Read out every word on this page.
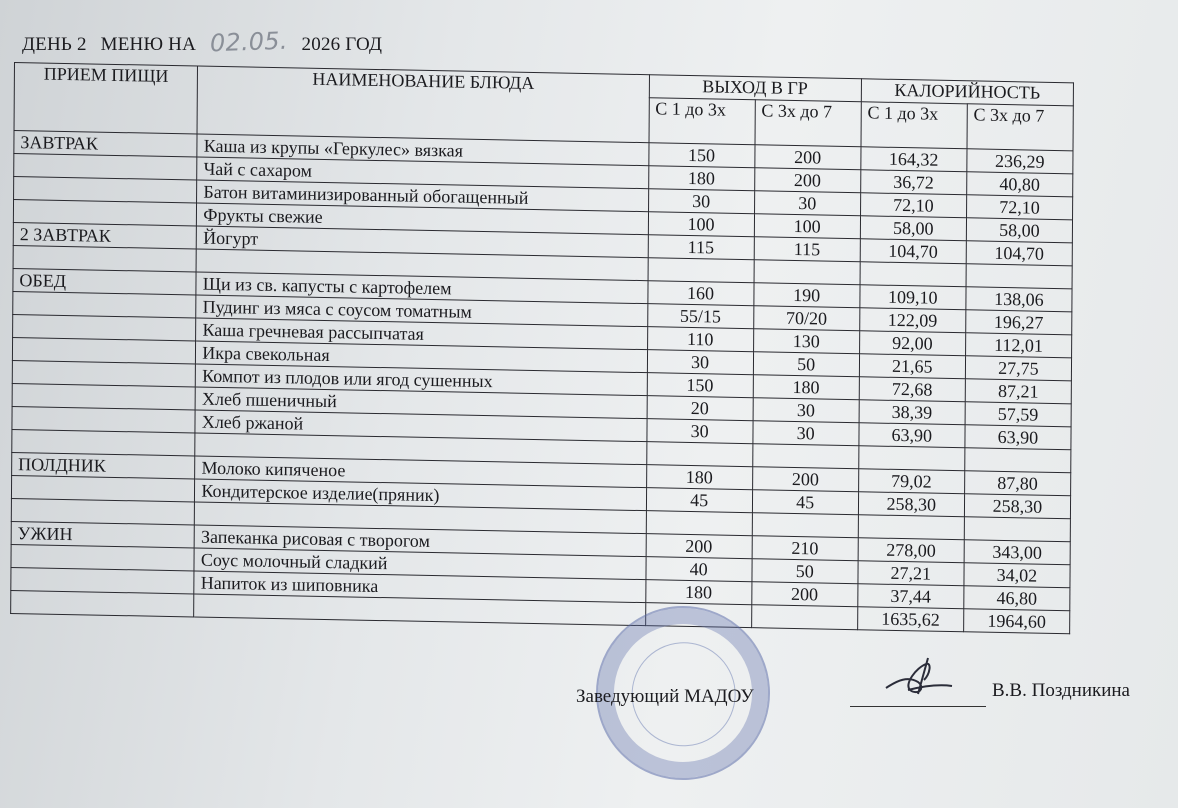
ДЕНЬ 2 МЕНЮ НА 02.05. 2026 ГОД
ПРИЕМ ПИЩИ	НАИМЕНОВАНИЕ БЛЮДА	ВЫХОД В ГР		КАЛОРИЙНОСТЬ	
		С 1 до 3х	С 3х до 7	С 1 до 3х	С 3х до 7
ЗАВТРАК	Каша из крупы «Геркулес» вязкая	150	200	164,32	236,29
	Чай с сахаром	180	200	36,72	40,80
	Батон витаминизированный обогащенный	30	30	72,10	72,10
	Фрукты свежие	100	100	58,00	58,00
2 ЗАВТРАК	Йогурт	115	115	104,70	104,70

ОБЕД	Щи из св. капусты с картофелем	160	190	109,10	138,06
	Пудинг из мяса с соусом томатным	55/15	70/20	122,09	196,27
	Каша гречневая рассыпчатая	110	130	92,00	112,01
	Икра свекольная	30	50	21,65	27,75
	Компот из плодов или ягод сушенных	150	180	72,68	87,21
	Хлеб пшеничный	20	30	38,39	57,59
	Хлеб ржаной	30	30	63,90	63,90

ПОЛДНИК	Молоко кипяченое	180	200	79,02	87,80
	Кондитерское изделие(пряник)	45	45	258,30	258,30

УЖИН	Запеканка рисовая с творогом	200	210	278,00	343,00
	Соус молочный сладкий	40	50	27,21	34,02
	Напиток из шиповника	180	200	37,44	46,80
				1635,62	1964,60
Заведующий МАДОУ	В.В. Поздникина
